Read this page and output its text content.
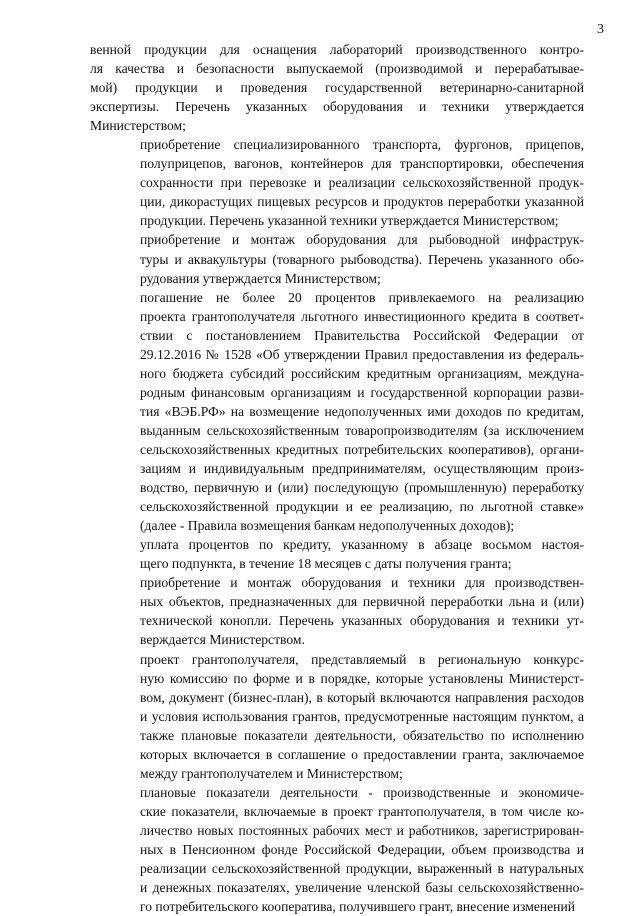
3

венной продукции для оснащения лабораторий производственного контро-
ля качества и безопасности выпускаемой (производимой и перерабатывае-
мой) продукции и проведения государственной ветеринарно-санитарной
экспертизы. Перечень указанных оборудования и техники утверждается
Министерством;

приобретение специализированного транспорта, фургонов, прицепов,
полуприцепов, вагонов, контейнеров для транспортировки, обеспечения
сохранности при перевозке и реализации сельскохозяйственной продук-
ции, дикорастущих пищевых ресурсов и продуктов переработки указанной
продукции. Перечень указанной техники утверждается Министерством;

приобретение и монтаж оборудования для рыбоводной инфраструк-
туры и аквакультуры (товарного рыбоводства). Перечень указанного обо-
рудования утверждается Министерством;

погашение не более 20 процентов привлекаемого на реализацию
проекта грантополучателя льготного инвестиционного кредита в соответ-
ствии с постановлением Правительства Российской Федерации от
29.12.2016 № 1528 «Об утверждении Правил предоставления из федераль-
ного бюджета субсидий российским кредитным организациям, междуна-
родным финансовым организациям и государственной корпорации разви-
тия «ВЭБ.РФ» на возмещение недополученных ими доходов по кредитам,
выданным сельскохозяйственным товаропроизводителям (за исключением
сельскохозяйственных кредитных потребительских кооперативов), органи-
зациям и индивидуальным предпринимателям, осуществляющим произ-
водство, первичную и (или) последующую (промышленную) переработку
сельскохозяйственной продукции и ее реализацию, по льготной ставке»
(далее - Правила возмещения банкам недополученных доходов);

уплата процентов по кредиту, указанному в абзаце восьмом настоя-
щего подпункта, в течение 18 месяцев с даты получения гранта;

приобретение и монтаж оборудования и техники для производствен-
ных объектов, предназначенных для первичной переработки льна и (или)
технической конопли. Перечень указанных оборудования и техники ут-
верждается Министерством.

проект грантополучателя, представляемый в региональную конкурс-
ную комиссию по форме и в порядке, которые установлены Министерст-
вом, документ (бизнес-план), в который включаются направления расходов
и условия использования грантов, предусмотренные настоящим пунктом, а
также плановые показатели деятельности, обязательство по исполнению
которых включается в соглашение о предоставлении гранта, заключаемое
между грантополучателем и Министерством;

плановые показатели деятельности - производственные и экономиче-
ские показатели, включаемые в проект грантополучателя, в том числе ко-
личество новых постоянных рабочих мест и работников, зарегистрирован-
ных в Пенсионном фонде Российской Федерации, объем производства и
реализации сельскохозяйственной продукции, выраженный в натуральных
и денежных показателях, увеличение членской базы сельскохозяйственно-
го потребительского кооператива, получившего грант, внесение изменений
